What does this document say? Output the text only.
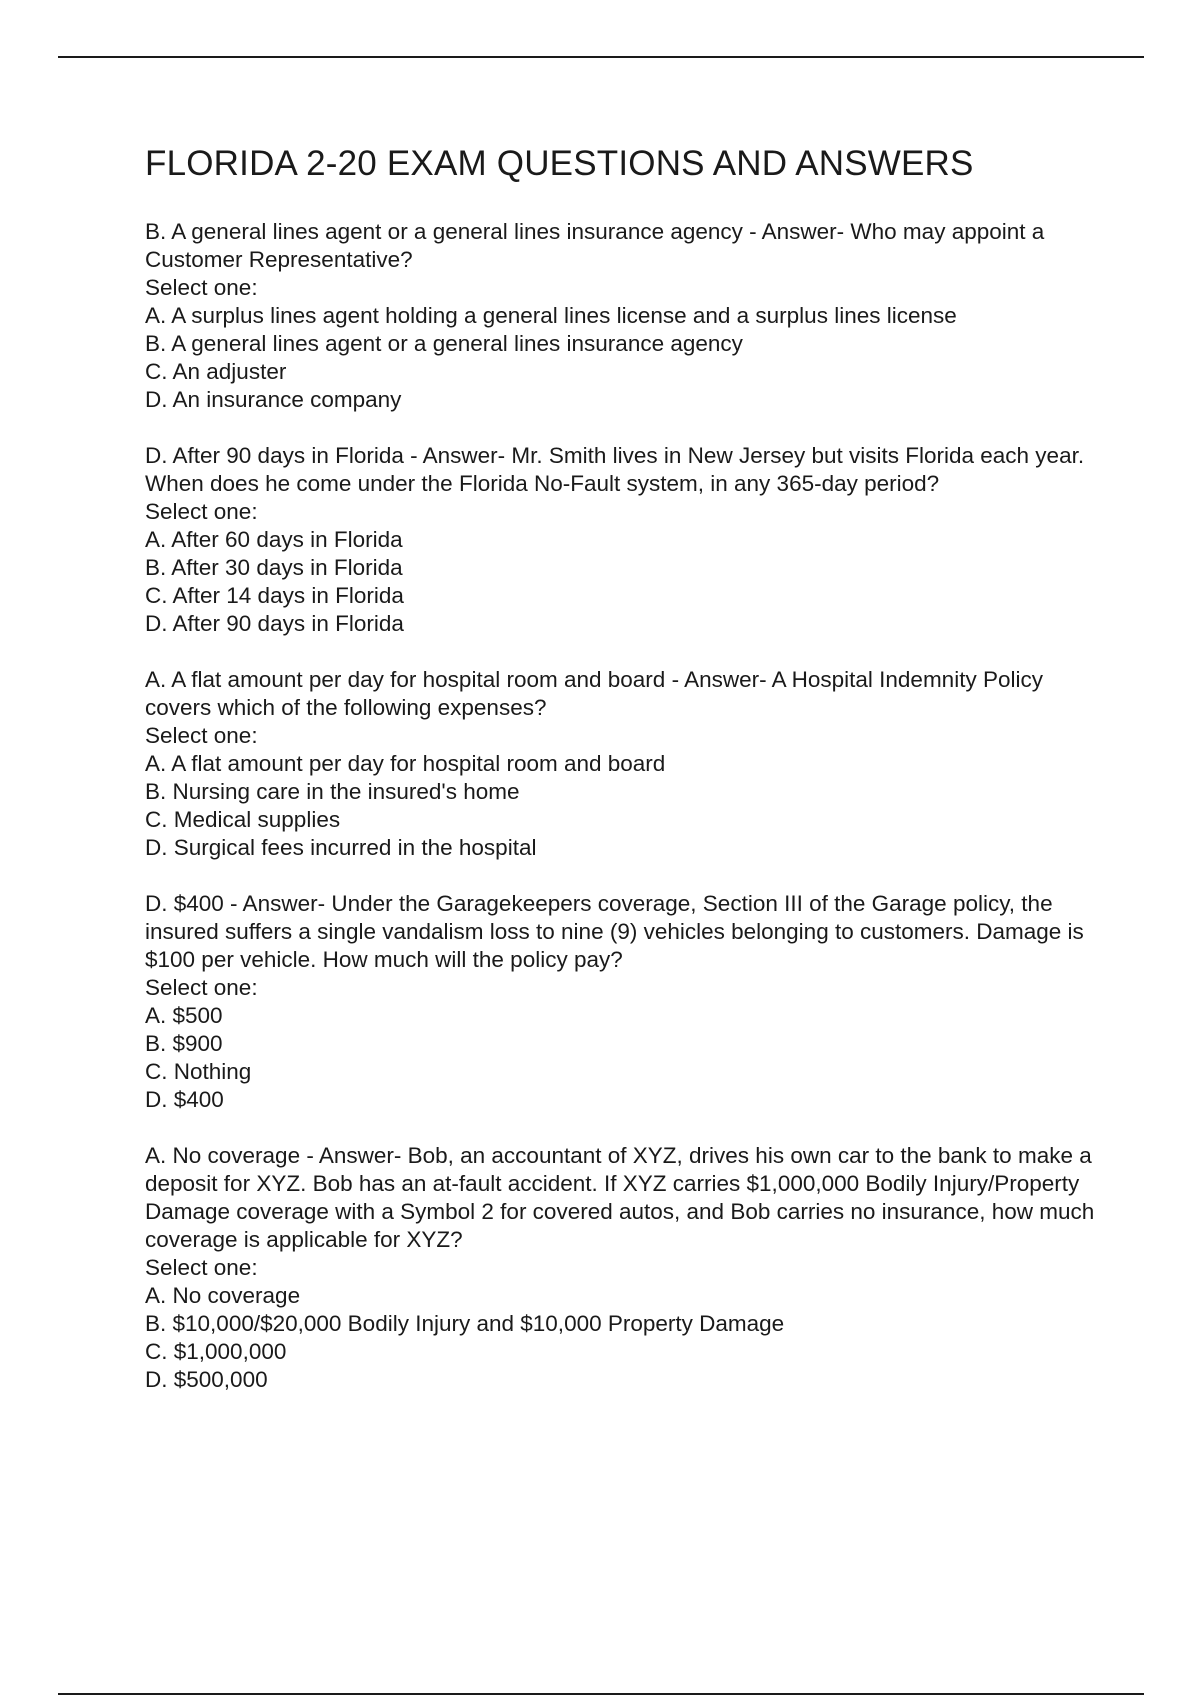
FLORIDA 2-20 EXAM QUESTIONS AND ANSWERS

B. A general lines agent or a general lines insurance agency - Answer- Who may appoint a Customer Representative?

Select one:

A. A surplus lines agent holding a general lines license and a surplus lines license
B. A general lines agent or a general lines insurance agency
C. An adjuster
D. An insurance company

D. After 90 days in Florida - Answer- Mr. Smith lives in New Jersey but visits Florida each year. When does he come under the Florida No-Fault system, in any 365-day period?

Select one:

A. After 60 days in Florida
B. After 30 days in Florida
C. After 14 days in Florida
D. After 90 days in Florida

A. A flat amount per day for hospital room and board - Answer- A Hospital Indemnity Policy covers which of the following expenses?

Select one:

A. A flat amount per day for hospital room and board
B. Nursing care in the insured's home
C. Medical supplies
D. Surgical fees incurred in the hospital

D. $400 - Answer- Under the Garagekeepers coverage, Section III of the Garage policy, the insured suffers a single vandalism loss to nine (9) vehicles belonging to customers. Damage is $100 per vehicle. How much will the policy pay?

Select one:

A. $500
B. $900
C. Nothing
D. $400

A. No coverage - Answer- Bob, an accountant of XYZ, drives his own car to the bank to make a deposit for XYZ. Bob has an at-fault accident. If XYZ carries $1,000,000 Bodily Injury/Property Damage coverage with a Symbol 2 for covered autos, and Bob carries no insurance, how much coverage is applicable for XYZ?

Select one:

A. No coverage
B. $10,000/$20,000 Bodily Injury and $10,000 Property Damage
C. $1,000,000
D. $500,000
